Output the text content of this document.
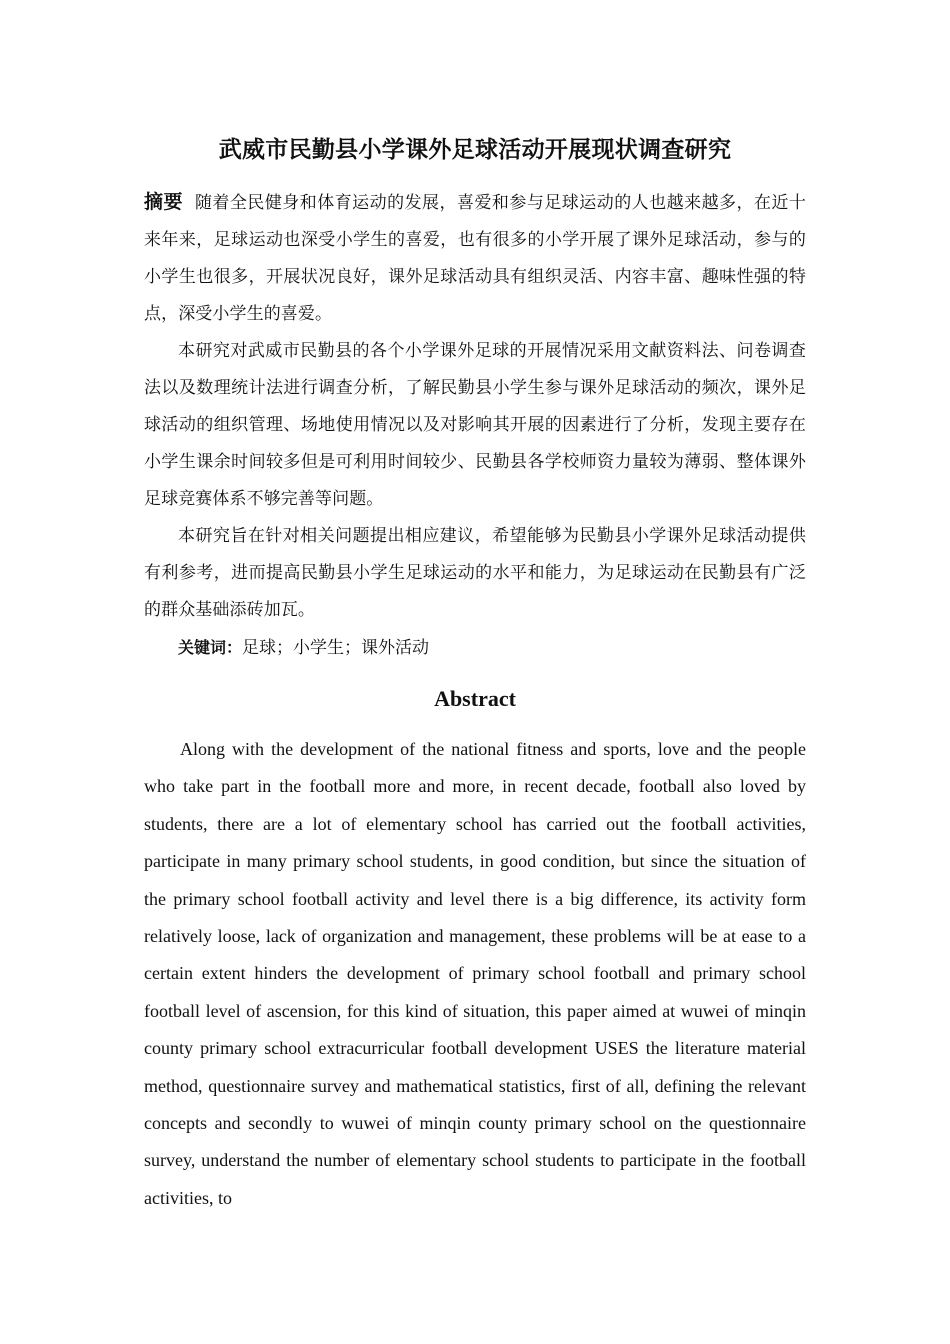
武威市民勤县小学课外足球活动开展现状调查研究

摘要 随着全民健身和体育运动的发展，喜爱和参与足球运动的人也越来越多，在近十来年来，足球运动也深受小学生的喜爱，也有很多的小学开展了课外足球活动，参与的小学生也很多，开展状况良好，课外足球活动具有组织灵活、内容丰富、趣味性强的特点，深受小学生的喜爱。

本研究对武威市民勤县的各个小学课外足球的开展情况采用文献资料法、问卷调查法以及数理统计法进行调查分析，了解民勤县小学生参与课外足球活动的频次，课外足球活动的组织管理、场地使用情况以及对影响其开展的因素进行了分析，发现主要存在小学生课余时间较多但是可利用时间较少、民勤县各学校师资力量较为薄弱、整体课外足球竞赛体系不够完善等问题。

本研究旨在针对相关问题提出相应建议，希望能够为民勤县小学课外足球活动提供有利参考，进而提高民勤县小学生足球运动的水平和能力，为足球运动在民勤县有广泛的群众基础添砖加瓦。

关键词：足球；小学生；课外活动

Abstract

Along with the development of the national fitness and sports, love and the people who take part in the football more and more, in recent decade, football also loved by students, there are a lot of elementary school has carried out the football activities, participate in many primary school students, in good condition, but since the situation of the primary school football activity and level there is a big difference, its activity form relatively loose, lack of organization and management, these problems will be at ease to a certain extent hinders the development of primary school football and primary school football level of ascension, for this kind of situation, this paper aimed at wuwei of minqin county primary school extracurricular football development USES the literature material method, questionnaire survey and mathematical statistics, first of all, defining the relevant concepts and secondly to wuwei of minqin county primary school on the questionnaire survey, understand the number of elementary school students to participate in the football activities, to
